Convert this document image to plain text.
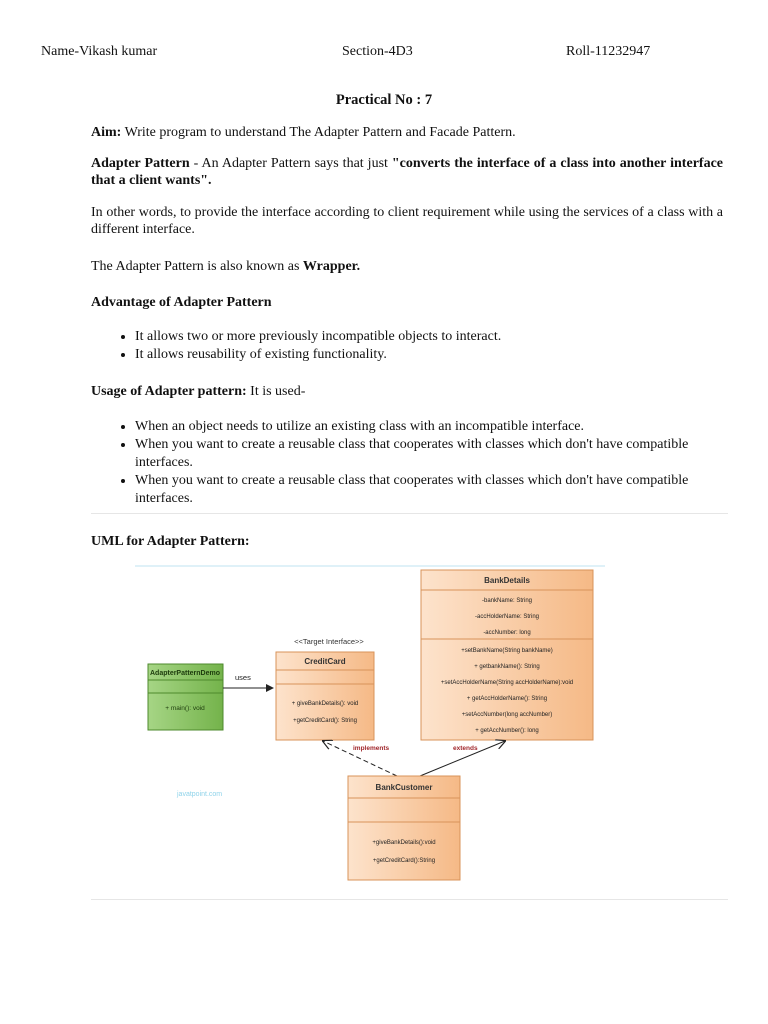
Name-Vikash kumar	Section-4D3	Roll-11232947
Practical No : 7
Aim: Write program to understand The Adapter Pattern and Facade Pattern.
Adapter Pattern - An Adapter Pattern says that just "converts the interface of a class into another interface that a client wants".
In other words, to provide the interface according to client requirement while using the services of a class with a different interface.
The Adapter Pattern is also known as Wrapper.
Advantage of Adapter Pattern
• It allows two or more previously incompatible objects to interact.
• It allows reusability of existing functionality.
Usage of Adapter pattern: It is used-
• When an object needs to utilize an existing class with an incompatible interface.
• When you want to create a reusable class that cooperates with classes which don't have compatible interfaces.
• When you want to create a reusable class that cooperates with classes which don't have compatible interfaces.
UML for Adapter Pattern:
AdapterPatternDemo
+ main(): void
uses
<<Target Interface>>
CreditCard
+ giveBankDetails(): void
+getCreditCard(): String
BankDetails
-bankName: String
-accHolderName: String
-accNumber: long
+setBankName(String bankName)
+ getbankName(): String
+setAccHolderName(String accHolderName):void
+ getAccHolderName(): String
+setAccNumber(long accNumber)
+ getAccNumber(): long
implements	extends
BankCustomer
+giveBankDetails():void
+getCreditCard():String
javatpoint.com
